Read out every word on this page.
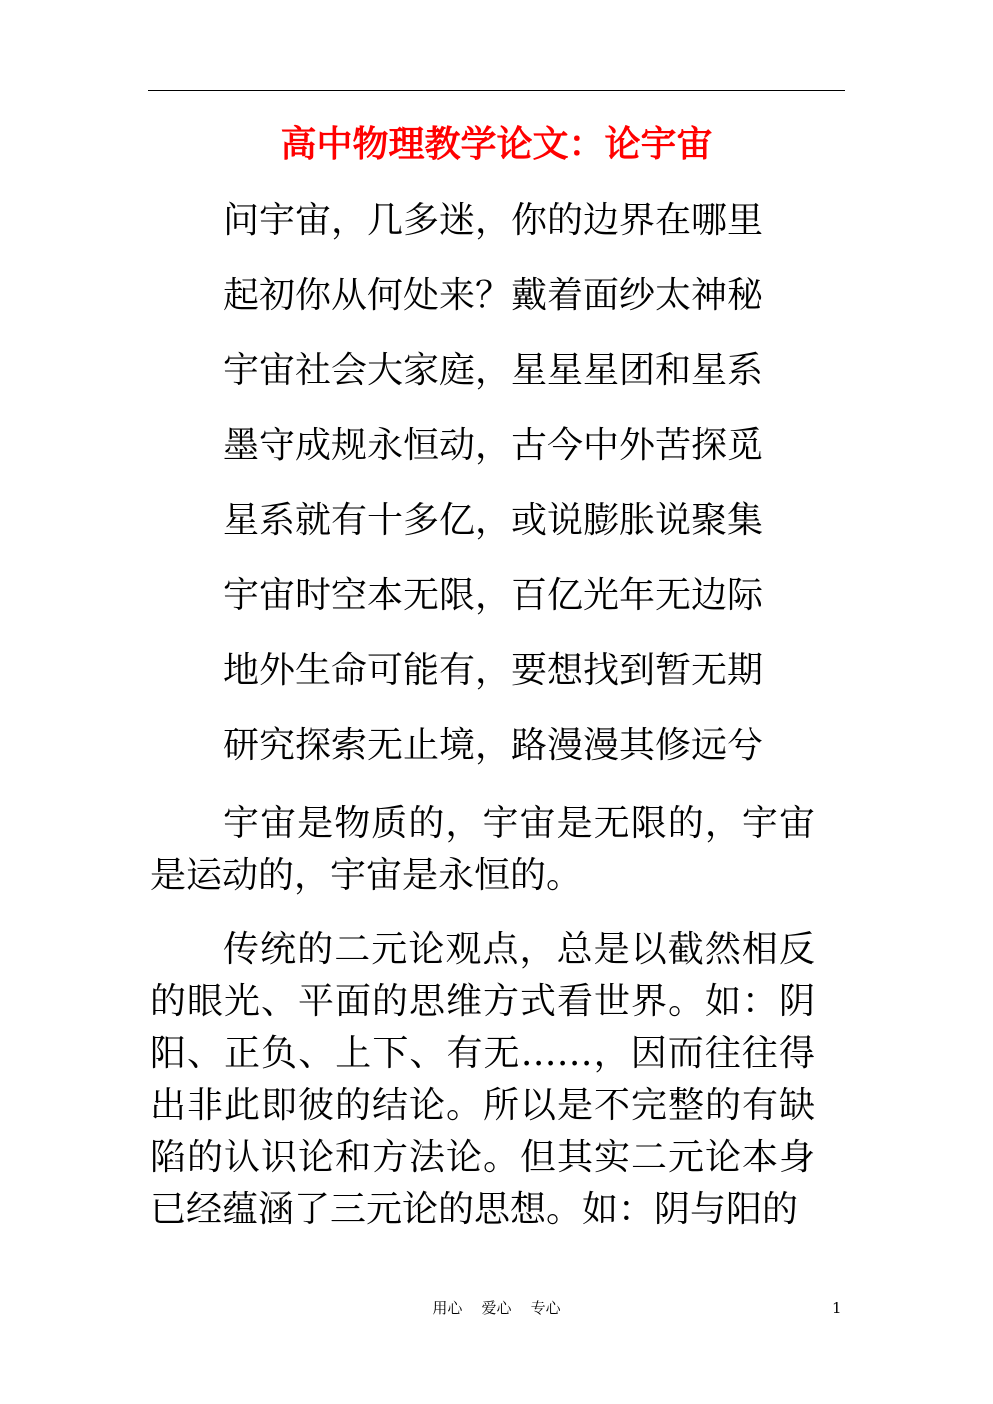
高中物理教学论文：论宇宙
问宇宙，几多迷，你的边界在哪里
起初你从何处来？戴着面纱太神秘
宇宙社会大家庭，星星星团和星系
墨守成规永恒动，古今中外苦探觅
星系就有十多亿，或说膨胀说聚集
宇宙时空本无限，百亿光年无边际
地外生命可能有，要想找到暂无期
研究探索无止境，路漫漫其修远兮

宇宙是物质的，宇宙是无限的，宇宙是运动的，宇宙是永恒的。

传统的二元论观点，总是以截然相反的眼光、平面的思维方式看世界。如：阴阳、正负、上下、有无……，因而往往得出非此即彼的结论。所以是不完整的有缺陷的认识论和方法论。但其实二元论本身已经蕴涵了三元论的思想。如：阴与阳的

用心    爱心    专心	1
